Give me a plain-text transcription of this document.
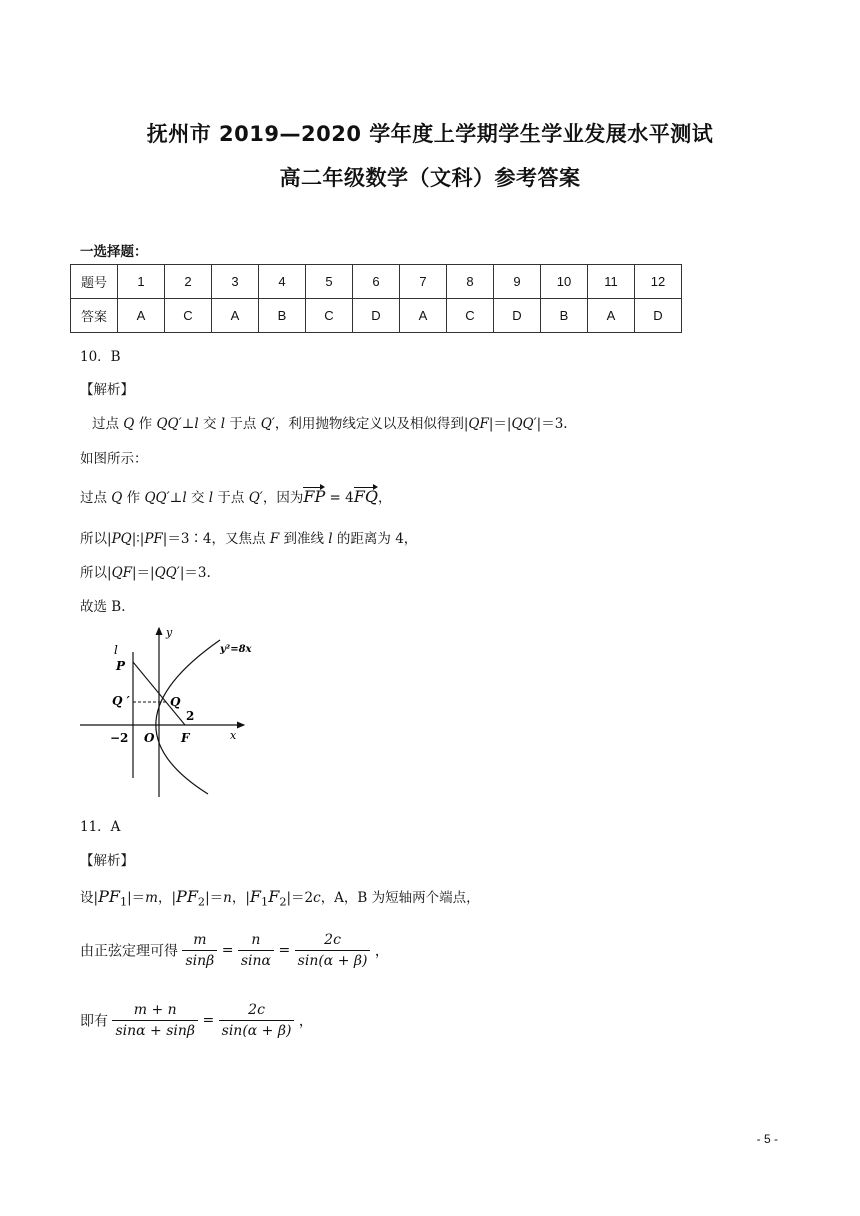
抚州市 2019—2020 学年度上学期学生学业发展水平测试
高二年级数学（文科）参考答案
一选择题：
题号	1	2	3	4	5	6	7	8	9	10	11	12
答案	A	C	A	B	C	D	A	C	D	B	A	D
10．B
【解析】
过点 Q 作 QQ′⊥l 交 l 于点 Q′，利用抛物线定义以及相似得到|QF|＝|QQ′|＝3.
如图所示：
过点 Q 作 QQ′⊥l 交 l 于点 Q′，因为FP = 4FQ，
所以|PQ|∶|PF|＝3∶4，又焦点 F 到准线 l 的距离为 4，
所以|QF|＝|QQ′|＝3.
故选 B.
l
y
y²=8x
P
Q ′	Q
2
−2 O F	x
11．A
【解析】
设$|PF_1|=m$，$|PF_2|=n$，$|F_1F_2|=2c$，A，B 为短轴两个端点，
由正弦定理可得 $\frac{m}{\sin\beta} = \frac{n}{\sin\alpha} = \frac{2c}{\sin(\alpha + \beta)}$ ，
即有 $\frac{m + n}{\sin\alpha + \sin\beta} = \frac{2c}{\sin(\alpha + \beta)}$ ，
- 5 -
